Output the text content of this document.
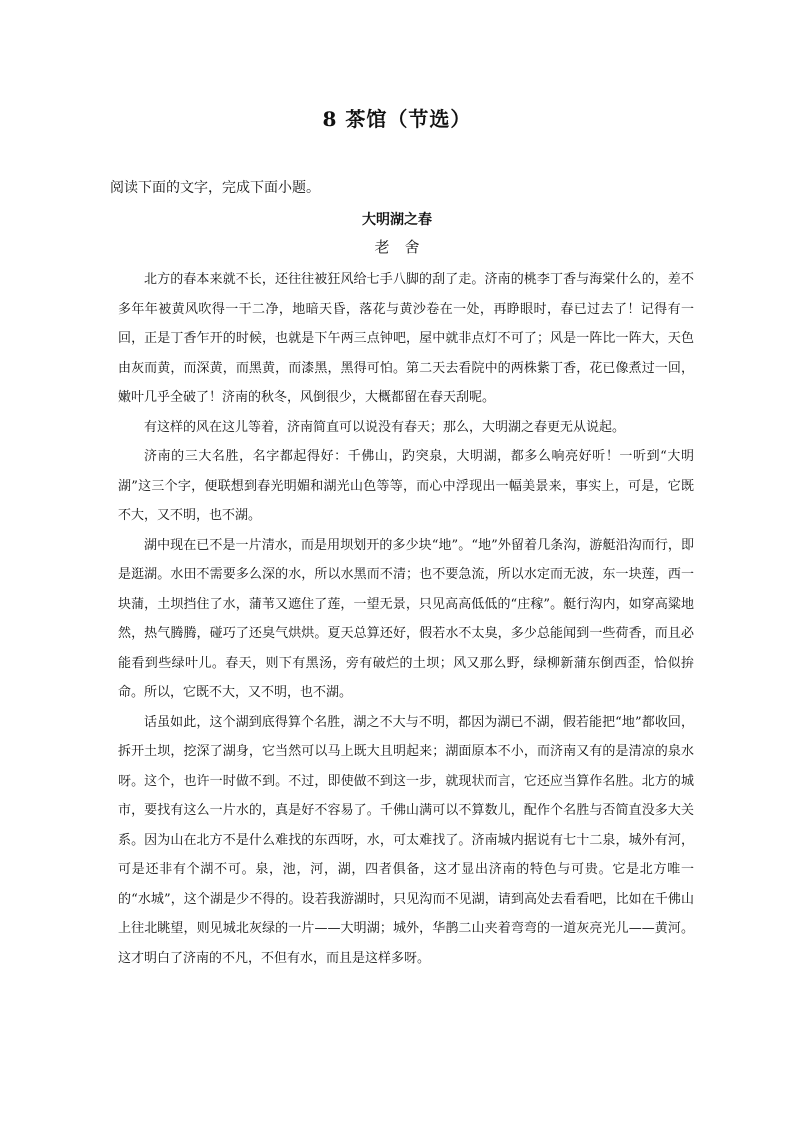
8 茶馆（节选）
阅读下面的文字，完成下面小题。
大明湖之春
老　舍

北方的春本来就不长，还往往被狂风给七手八脚的刮了走。济南的桃李丁香与海棠什么的，差不多年年被黄风吹得一干二净，地暗天昏，落花与黄沙卷在一处，再睁眼时，春已过去了！记得有一回，正是丁香乍开的时候，也就是下午两三点钟吧，屋中就非点灯不可了；风是一阵比一阵大，天色由灰而黄，而深黄，而黑黄，而漆黑，黑得可怕。第二天去看院中的两株紫丁香，花已像煮过一回，嫩叶几乎全破了！济南的秋冬，风倒很少，大概都留在春天刮呢。

有这样的风在这儿等着，济南简直可以说没有春天；那么，大明湖之春更无从说起。

济南的三大名胜，名字都起得好：千佛山，趵突泉，大明湖，都多么响亮好听！一听到“大明湖”这三个字，便联想到春光明媚和湖光山色等等，而心中浮现出一幅美景来，事实上，可是，它既不大，又不明，也不湖。

湖中现在已不是一片清水，而是用坝划开的多少块“地”。“地”外留着几条沟，游艇沿沟而行，即是逛湖。水田不需要多么深的水，所以水黑而不清；也不要急流，所以水定而无波，东一块莲，西一块蒲，土坝挡住了水，蒲苇又遮住了莲，一望无景，只见高高低低的“庄稼”。艇行沟内，如穿高粱地然，热气腾腾，碰巧了还臭气烘烘。夏天总算还好，假若水不太臭，多少总能闻到一些荷香，而且必能看到些绿叶儿。春天，则下有黑汤，旁有破烂的土坝；风又那么野，绿柳新蒲东倒西歪，恰似拚命。所以，它既不大，又不明，也不湖。

话虽如此，这个湖到底得算个名胜，湖之不大与不明，都因为湖已不湖，假若能把“地”都收回，拆开土坝，挖深了湖身，它当然可以马上既大且明起来；湖面原本不小，而济南又有的是清凉的泉水呀。这个，也许一时做不到。不过，即使做不到这一步，就现状而言，它还应当算作名胜。北方的城市，要找有这么一片水的，真是好不容易了。千佛山满可以不算数儿，配作个名胜与否简直没多大关系。因为山在北方不是什么难找的东西呀，水，可太难找了。济南城内据说有七十二泉，城外有河，可是还非有个湖不可。泉，池，河，湖，四者俱备，这才显出济南的特色与可贵。它是北方唯一的“水城”，这个湖是少不得的。设若我游湖时，只见沟而不见湖，请到高处去看看吧，比如在千佛山上往北眺望，则见城北灰绿的一片——大明湖；城外，华鹊二山夹着弯弯的一道灰亮光儿——黄河。这才明白了济南的不凡，不但有水，而且是这样多呀。
